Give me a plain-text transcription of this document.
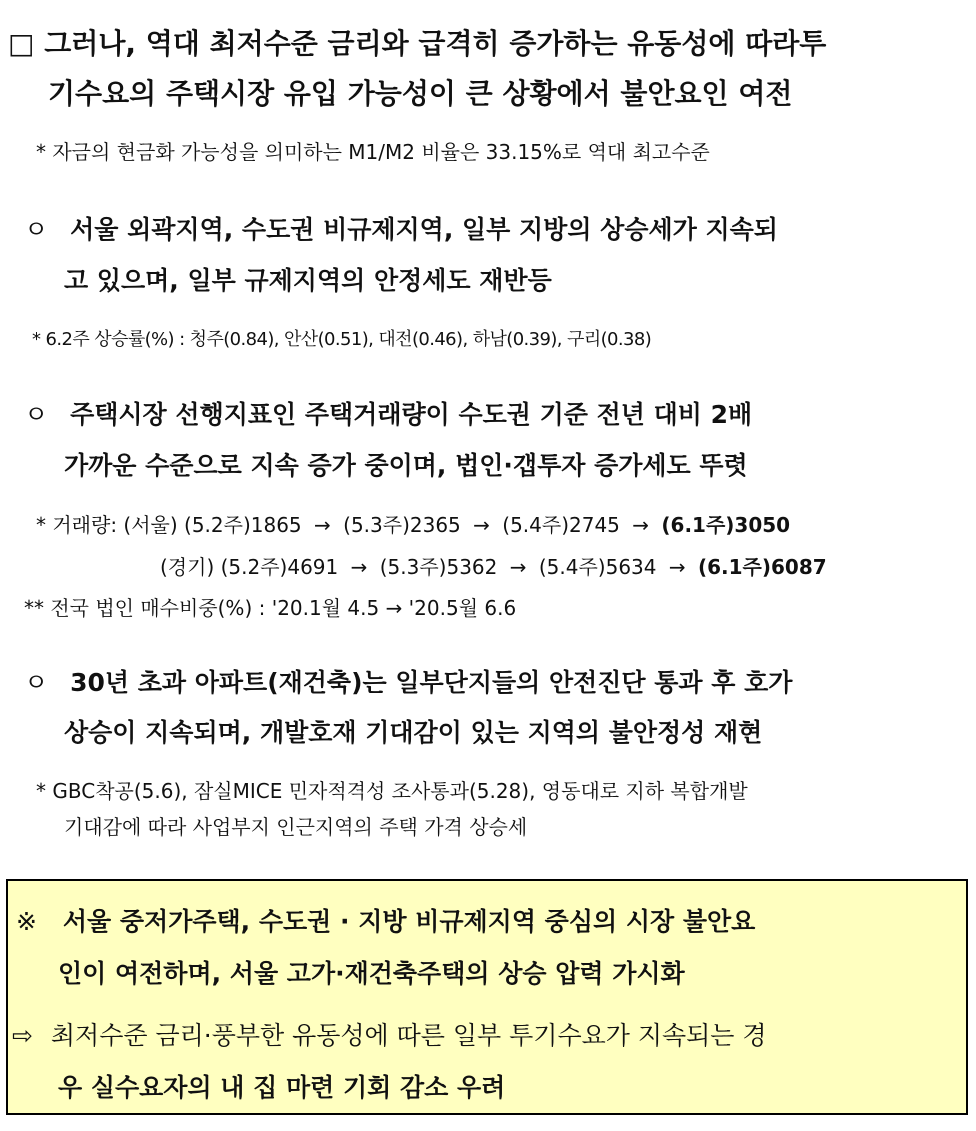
□ 그러나, 역대 최저수준 금리와 급격히 증가하는 유동성에 따라투
기수요의 주택시장 유입 가능성이 큰 상황에서 불안요인 여전
* 자금의 현금화 가능성을 의미하는 M1/M2 비율은 33.15%로 역대 최고수준
ㅇ 서울 외곽지역, 수도권 비규제지역, 일부 지방의 상승세가 지속되
고 있으며, 일부 규제지역의 안정세도 재반등
* 6.2주 상승률(%) : 청주(0.84), 안산(0.51), 대전(0.46), 하남(0.39), 구리(0.38)
ㅇ 주택시장 선행지표인 주택거래량이 수도권 기준 전년 대비 2배
가까운 수준으로 지속 증가 중이며, 법인·갭투자 증가세도 뚜렷
* 거래량: (서울) (5.2주)1865 → (5.3주)2365 → (5.4주)2745 → (6.1주)3050
(경기) (5.2주)4691 → (5.3주)5362 → (5.4주)5634 → (6.1주)6087
** 전국 법인 매수비중(%) : '20.1월 4.5 → '20.5월 6.6
ㅇ 30년 초과 아파트(재건축)는 일부단지들의 안전진단 통과 후 호가
상승이 지속되며, 개발호재 기대감이 있는 지역의 불안정성 재현
* GBC착공(5.6), 잠실MICE 민자적격성 조사통과(5.28), 영동대로 지하 복합개발
기대감에 따라 사업부지 인근지역의 주택 가격 상승세
※ 서울 중저가주택, 수도권 · 지방 비규제지역 중심의 시장 불안요
인이 여전하며, 서울 고가·재건축주택의 상승 압력 가시화
⇨ 최저수준 금리·풍부한 유동성에 따른 일부 투기수요가 지속되는 경
우 실수요자의 내 집 마련 기회 감소 우려
